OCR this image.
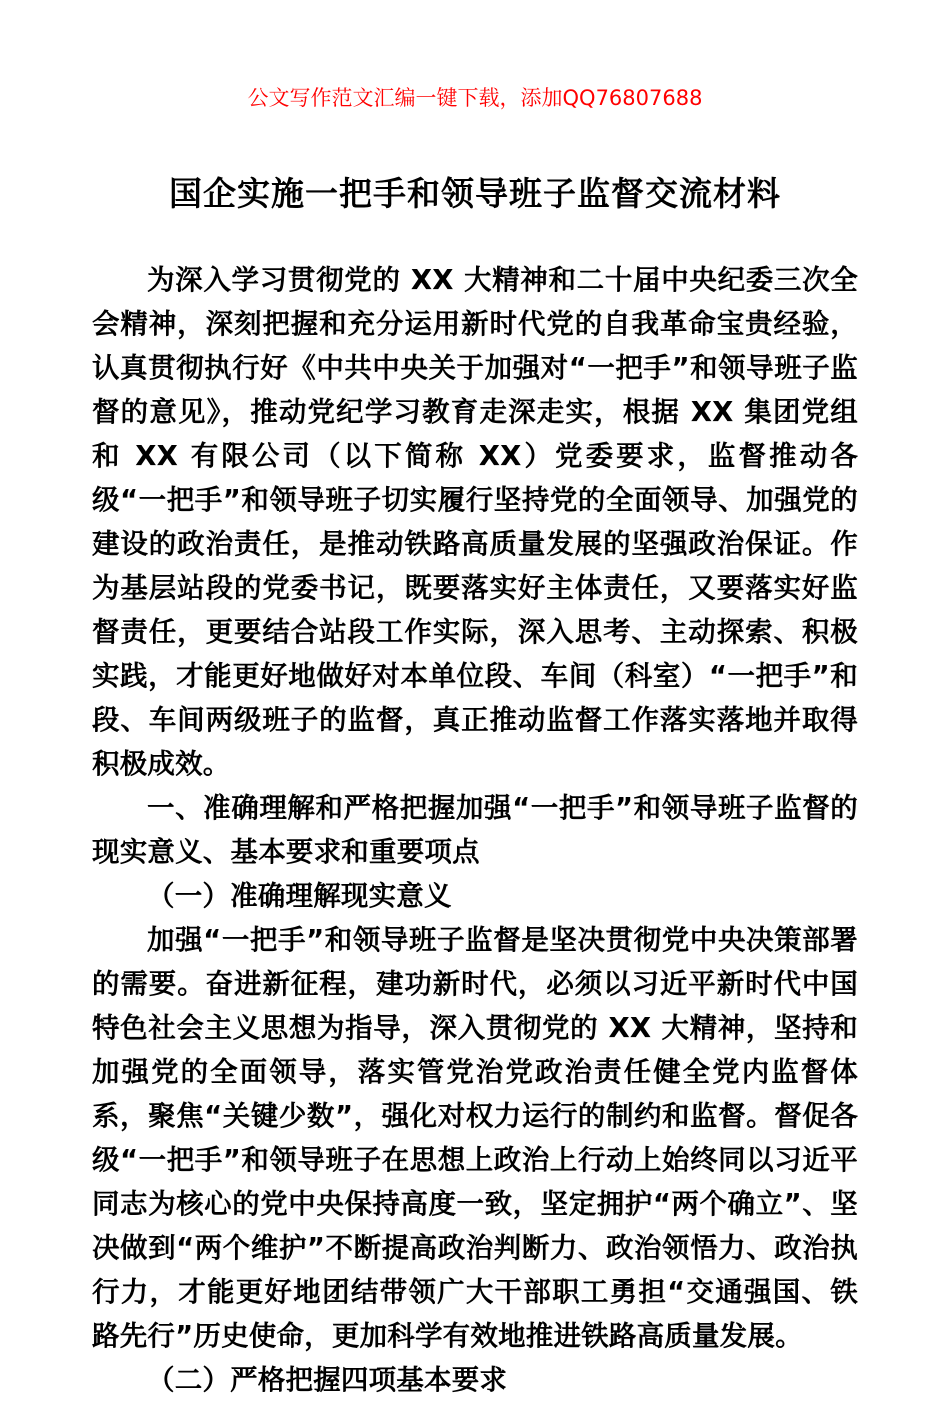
公文写作范文汇编一键下载，添加QQ76807688
国企实施一把手和领导班子监督交流材料

为深入学习贯彻党的 XX 大精神和二十届中央纪委三次全会精神，深刻把握和充分运用新时代党的自我革命宝贵经验，认真贯彻执行好《中共中央关于加强对“一把手”和领导班子监督的意见》，推动党纪学习教育走深走实，根据 XX 集团党组和 XX 有限公司（以下简称 XX）党委要求，监督推动各级“一把手”和领导班子切实履行坚持党的全面领导、加强党的建设的政治责任，是推动铁路高质量发展的坚强政治保证。作为基层站段的党委书记，既要落实好主体责任，又要落实好监督责任，更要结合站段工作实际，深入思考、主动探索、积极实践，才能更好地做好对本单位段、车间（科室）“一把手”和段、车间两级班子的监督，真正推动监督工作落实落地并取得积极成效。

一、准确理解和严格把握加强“一把手”和领导班子监督的现实意义、基本要求和重要项点

（一）准确理解现实意义

加强“一把手”和领导班子监督是坚决贯彻党中央决策部署的需要。奋进新征程，建功新时代，必须以习近平新时代中国特色社会主义思想为指导，深入贯彻党的 XX 大精神，坚持和加强党的全面领导，落实管党治党政治责任健全党内监督体系，聚焦“关键少数”，强化对权力运行的制约和监督。督促各级“一把手”和领导班子在思想上政治上行动上始终同以习近平同志为核心的党中央保持高度一致，坚定拥护“两个确立”、坚决做到“两个维护”不断提高政治判断力、政治领悟力、政治执行力，才能更好地团结带领广大干部职工勇担“交通强国、铁路先行”历史使命，更加科学有效地推进铁路高质量发展。

（二）严格把握四项基本要求
